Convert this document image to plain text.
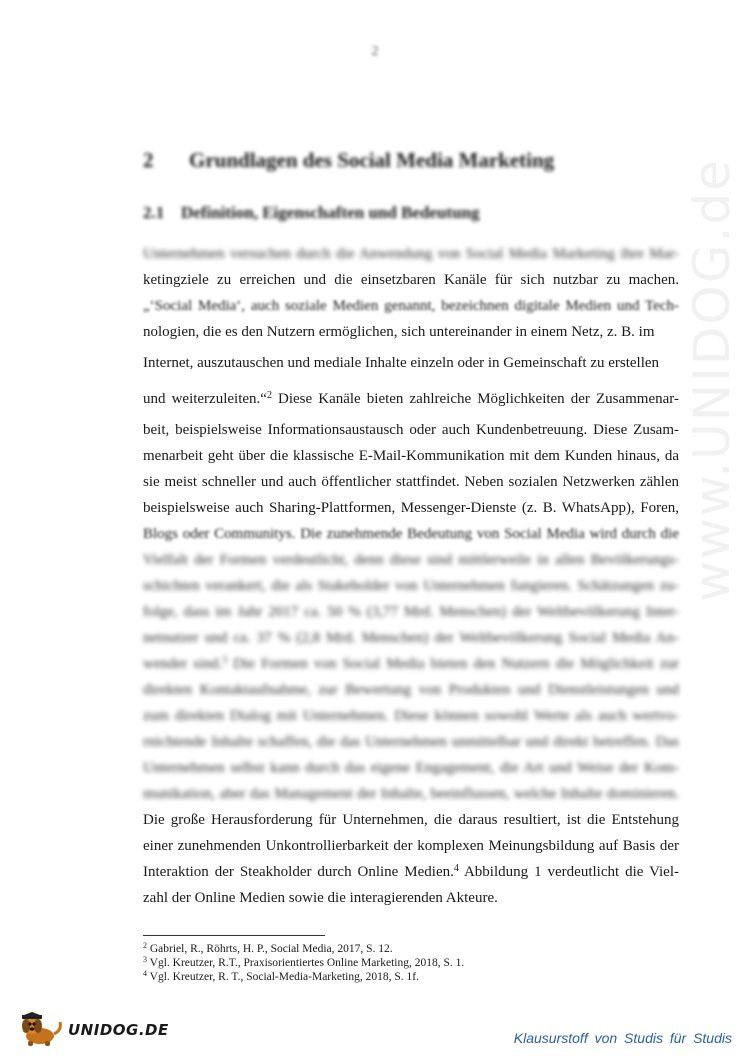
www.UNIDOG.de
2
2 Grundlagen des Social Media Marketing
2.1 Definition, Eigenschaften und Bedeutung
Unternehmen versuchen durch die Anwendung von Social Media Marketing ihre Mar-
ketingziele zu erreichen und die einsetzbaren Kanäle für sich nutzbar zu machen.
„‘Social Media‘, auch soziale Medien genannt, bezeichnen digitale Medien und Tech-
nologien, die es den Nutzern ermöglichen, sich untereinander in einem Netz, z. B. im
Internet, auszutauschen und mediale Inhalte einzeln oder in Gemeinschaft zu erstellen
und weiterzuleiten.“$^2$ Diese Kanäle bieten zahlreiche Möglichkeiten der Zusammenar-
beit, beispielsweise Informationsaustausch oder auch Kundenbetreuung. Diese Zusam-
menarbeit geht über die klassische E-Mail-Kommunikation mit dem Kunden hinaus, da
sie meist schneller und auch öffentlicher stattfindet. Neben sozialen Netzwerken zählen
beispielsweise auch Sharing-Plattformen, Messenger-Dienste (z. B. WhatsApp), Foren,
Blogs oder Communitys. Die zunehmende Bedeutung von Social Media wird durch die
Vielfalt der Formen verdeutlicht, denn diese sind mittlerweile in allen Bevölkerungs-
schichten verankert, die als Stakeholder von Unternehmen fungieren. Schätzungen zu-
folge, dass im Jahr 2017 ca. 50 % (3,77 Mrd. Menschen) der Weltbevölkerung Inter-
netnutzer und ca. 37 % (2,8 Mrd. Menschen) der Weltbevölkerung Social Media An-
wender sind.$^3$ Die Formen von Social Media bieten den Nutzern die Möglichkeit zur
direkten Kontaktaufnahme, zur Bewertung von Produkten und Dienstleistungen und
zum direkten Dialog mit Unternehmen. Diese können sowohl Werte als auch wertvo-
rnichtende Inhalte schaffen, die das Unternehmen unmittelbar und direkt betreffen. Das
Unternehmen selbst kann durch das eigene Engagement, die Art und Weise der Kom-
munikation, aber das Management der Inhalte, beeinflussen, welche Inhalte dominieren.
Die große Herausforderung für Unternehmen, die daraus resultiert, ist die Entstehung
einer zunehmenden Unkontrollierbarkeit der komplexen Meinungsbildung auf Basis der
Interaktion der Steakholder durch Online Medien.$^4$ Abbildung 1 verdeutlicht die Viel-
zahl der Online Medien sowie die interagierenden Akteure.
$^2$ Gabriel, R., Röhrts, H. P., Social Media, 2017, S. 12.
$^3$ Vgl. Kreutzer, R.T., Praxisorientiertes Online Marketing, 2018, S. 1.
$^4$ Vgl. Kreutzer, R. T., Social-Media-Marketing, 2018, S. 1f.
UNIDOG.DE	Klausurstoff von Studis für Studis
